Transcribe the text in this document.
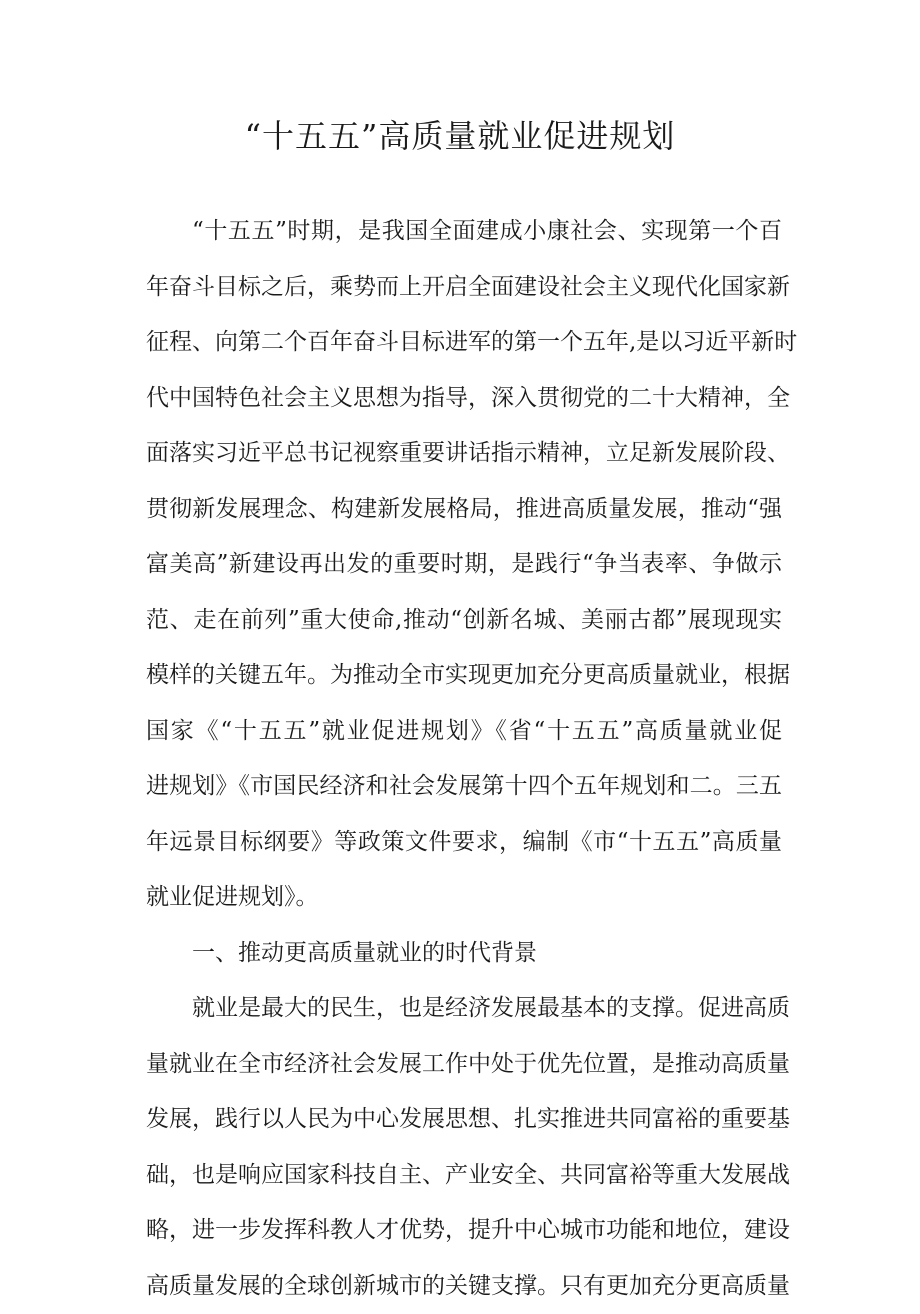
“十五五”高质量就业促进规划
“十五五”时期，是我国全面建成小康社会、实现第一个百
年奋斗目标之后，乘势而上开启全面建设社会主义现代化国家新
征程、向第二个百年奋斗目标进军的第一个五年,是以习近平新时
代中国特色社会主义思想为指导，深入贯彻党的二十大精神，全
面落实习近平总书记视察重要讲话指示精神，立足新发展阶段、
贯彻新发展理念、构建新发展格局，推进高质量发展，推动“强
富美高”新建设再出发的重要时期，是践行“争当表率、争做示
范、走在前列”重大使命,推动“创新名城、美丽古都”展现现实
模样的关键五年。为推动全市实现更加充分更高质量就业，根据
国家《“十五五”就业促进规划》《省“十五五”高质量就业促
进规划》《市国民经济和社会发展第十四个五年规划和二。三五
年远景目标纲要》等政策文件要求，编制《市“十五五”高质量
就业促进规划》。
一、推动更高质量就业的时代背景
就业是最大的民生，也是经济发展最基本的支撑。促进高质
量就业在全市经济社会发展工作中处于优先位置，是推动高质量
发展，践行以人民为中心发展思想、扎实推进共同富裕的重要基
础，也是响应国家科技自主、产业安全、共同富裕等重大发展战
略，进一步发挥科教人才优势，提升中心城市功能和地位，建设
高质量发展的全球创新城市的关键支撑。只有更加充分更高质量
